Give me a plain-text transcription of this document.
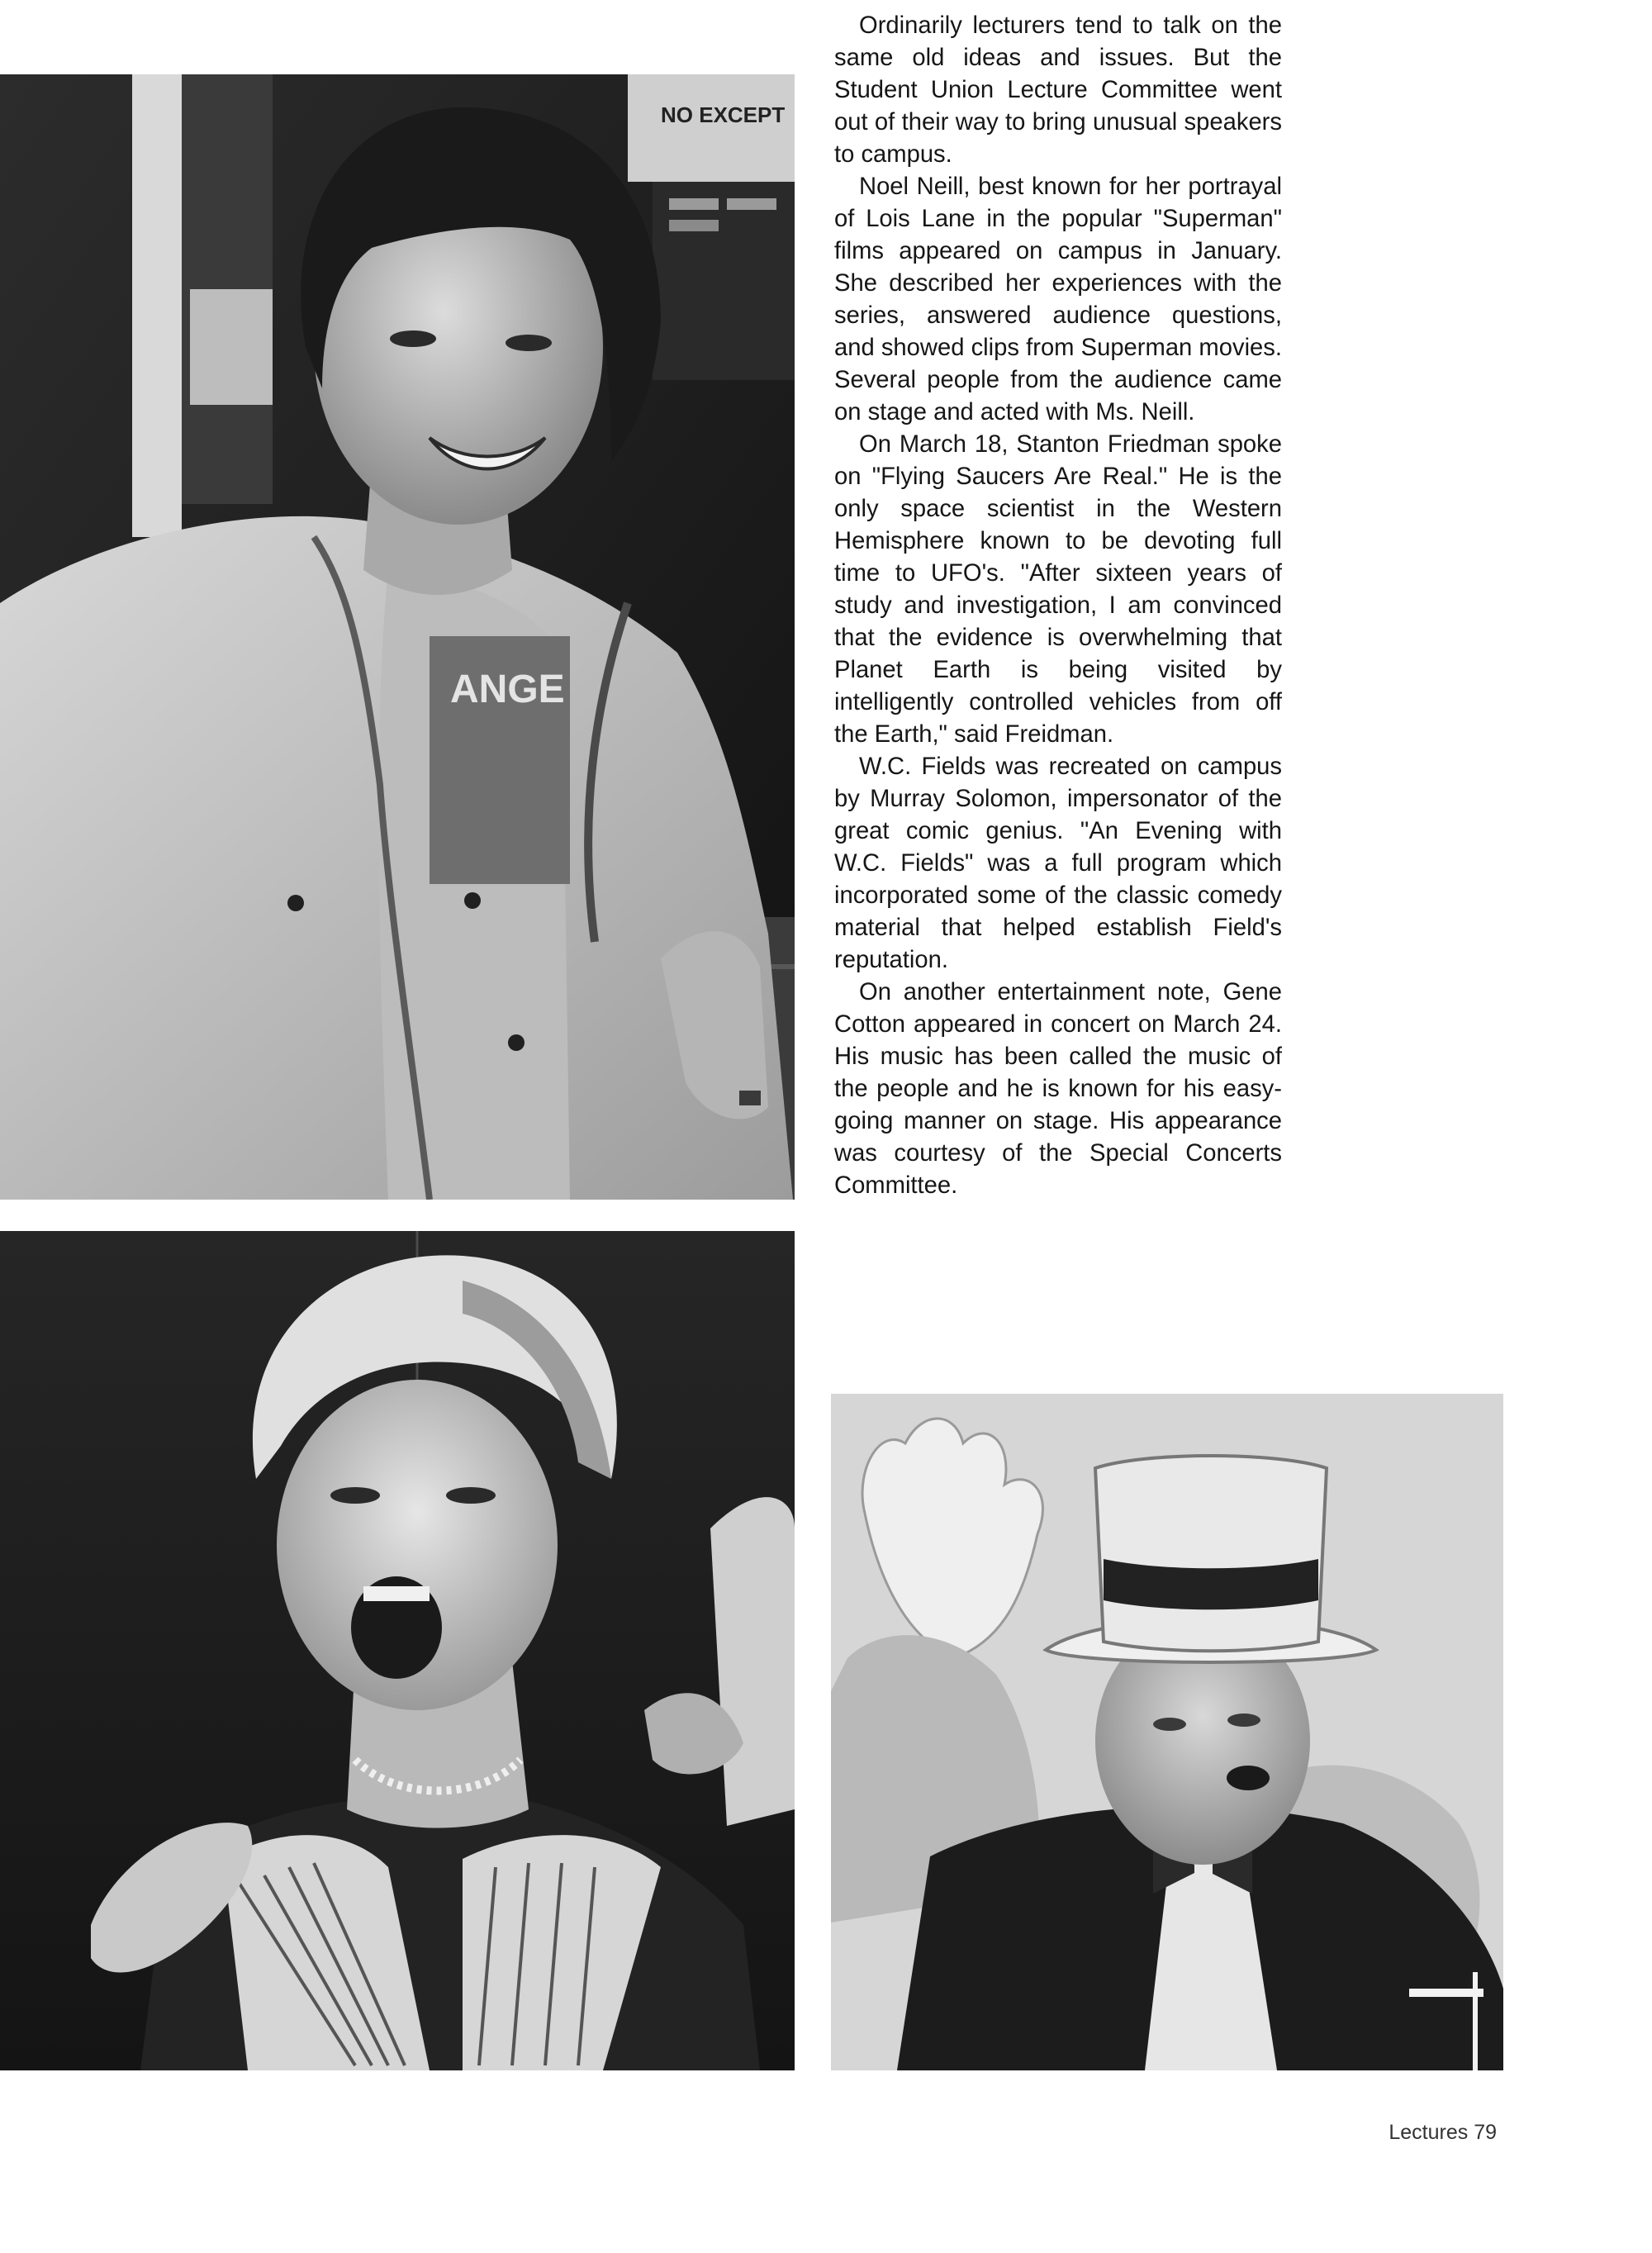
NO EXCEPT
ANGE

Ordinarily lecturers tend to talk on the same old ideas and issues. But the Student Union Lecture Committee went out of their way to bring unusual speakers to campus.

Noel Neill, best known for her portrayal of Lois Lane in the popular "Superman" films appeared on campus in January. She described her experiences with the series, answered audience questions, and showed clips from Superman movies. Several people from the audience came on stage and acted with Ms. Neill.

On March 18, Stanton Friedman spoke on "Flying Saucers Are Real." He is the only space scientist in the Western Hemisphere known to be devoting full time to UFO's. "After sixteen years of study and investigation, I am convinced that the evidence is overwhelming that Planet Earth is being visited by intelligently controlled vehicles from off the Earth," said Freidman.

W.C. Fields was recreated on campus by Murray Solomon, impersonator of the great comic genius. "An Evening with W.C. Fields" was a full program which incorporated some of the classic comedy material that helped establish Field's reputation.

On another entertainment note, Gene Cotton appeared in concert on March 24. His music has been called the music of the people and he is known for his easy-going manner on stage. His appearance was courtesy of the Special Concerts Committee.

Lectures 79
